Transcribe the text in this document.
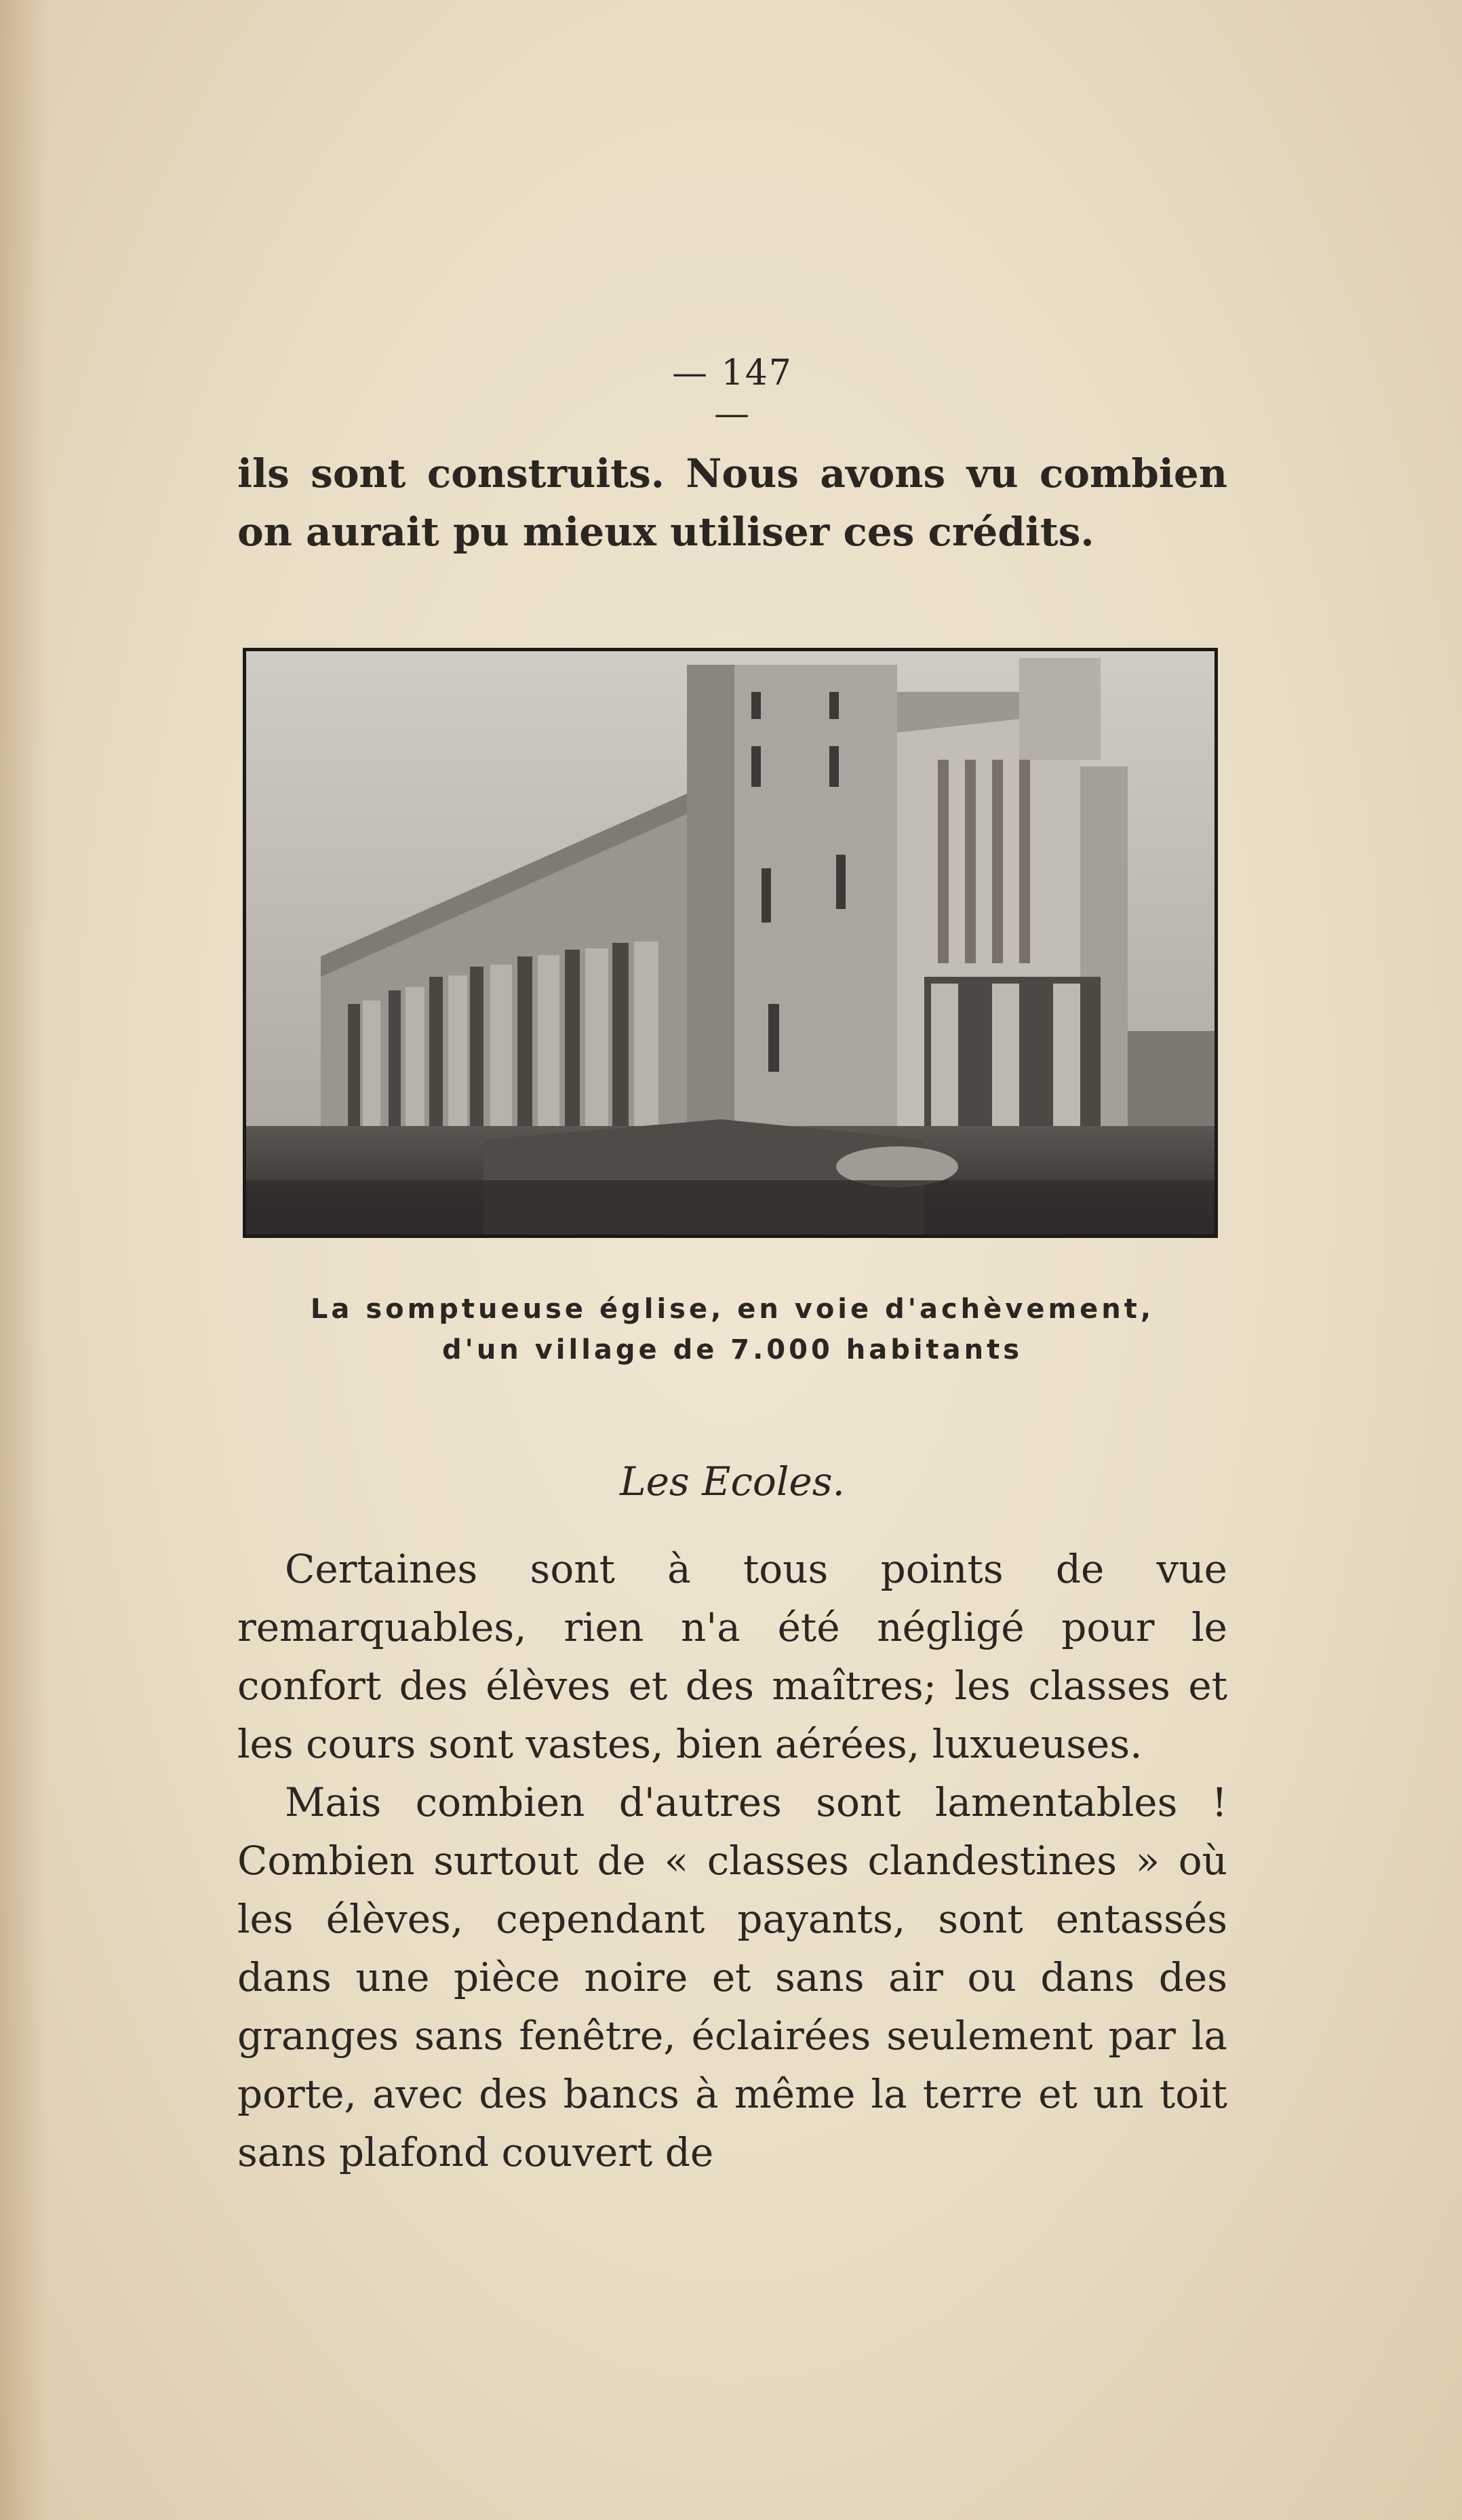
— 147 —

ils sont construits. Nous avons vu combien on aurait pu mieux utiliser ces crédits.

La somptueuse église, en voie d'achèvement,
d'un village de 7.000 habitants
Les Ecoles.

Certaines sont à tous points de vue remarquables, rien n'a été négligé pour le confort des élèves et des maîtres; les classes et les cours sont vastes, bien aérées, luxueuses.

Mais combien d'autres sont lamentables ! Combien surtout de « classes clandestines » où les élèves, cependant payants, sont entassés dans une pièce noire et sans air ou dans des granges sans fenêtre, éclairées seulement par la porte, avec des bancs à même la terre et un toit sans plafond couvert de
